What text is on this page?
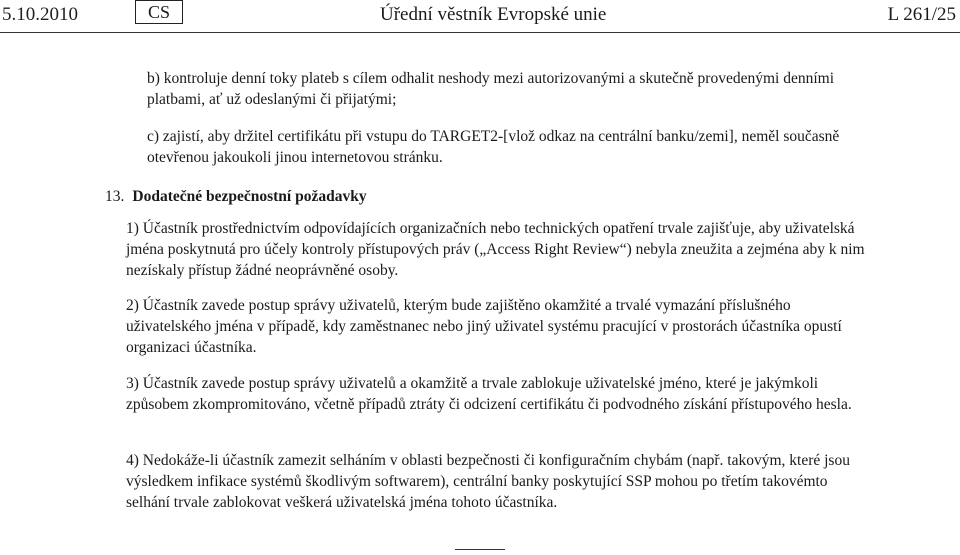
5.10.2010	CS	Úřední věstník Evropské unie	L 261/25

b) kontroluje denní toky plateb s cílem odhalit neshody mezi autorizovanými a skutečně provedenými denními platbami, ať už odeslanými či přijatými;

c) zajistí, aby držitel certifikátu při vstupu do TARGET2-[vlož odkaz na centrální banku/zemi], neměl současně otevřenou jakoukoli jinou internetovou stránku.

13. Dodatečné bezpečnostní požadavky

1) Účastník prostřednictvím odpovídajících organizačních nebo technických opatření trvale zajišťuje, aby uživatelská jména poskytnutá pro účely kontroly přístupových práv („Access Right Review“) nebyla zneužita a zejména aby k nim nezískaly přístup žádné neoprávněné osoby.

2) Účastník zavede postup správy uživatelů, kterým bude zajištěno okamžité a trvalé vymazání příslušného uživatelského jména v případě, kdy zaměstnanec nebo jiný uživatel systému pracující v prostorách účastníka opustí organizaci účastníka.

3) Účastník zavede postup správy uživatelů a okamžitě a trvale zablokuje uživatelské jméno, které je jakýmkoli způsobem zkompromitováno, včetně případů ztráty či odcizení certifikátu či podvodného získání přístupového hesla.

4) Nedokáže-li účastník zamezit selháním v oblasti bezpečnosti či konfiguračním chybám (např. takovým, které jsou výsledkem infikace systémů škodlivým softwarem), centrální banky poskytující SSP mohou po třetím takovémto selhání trvale zablokovat veškerá uživatelská jména tohoto účastníka.
